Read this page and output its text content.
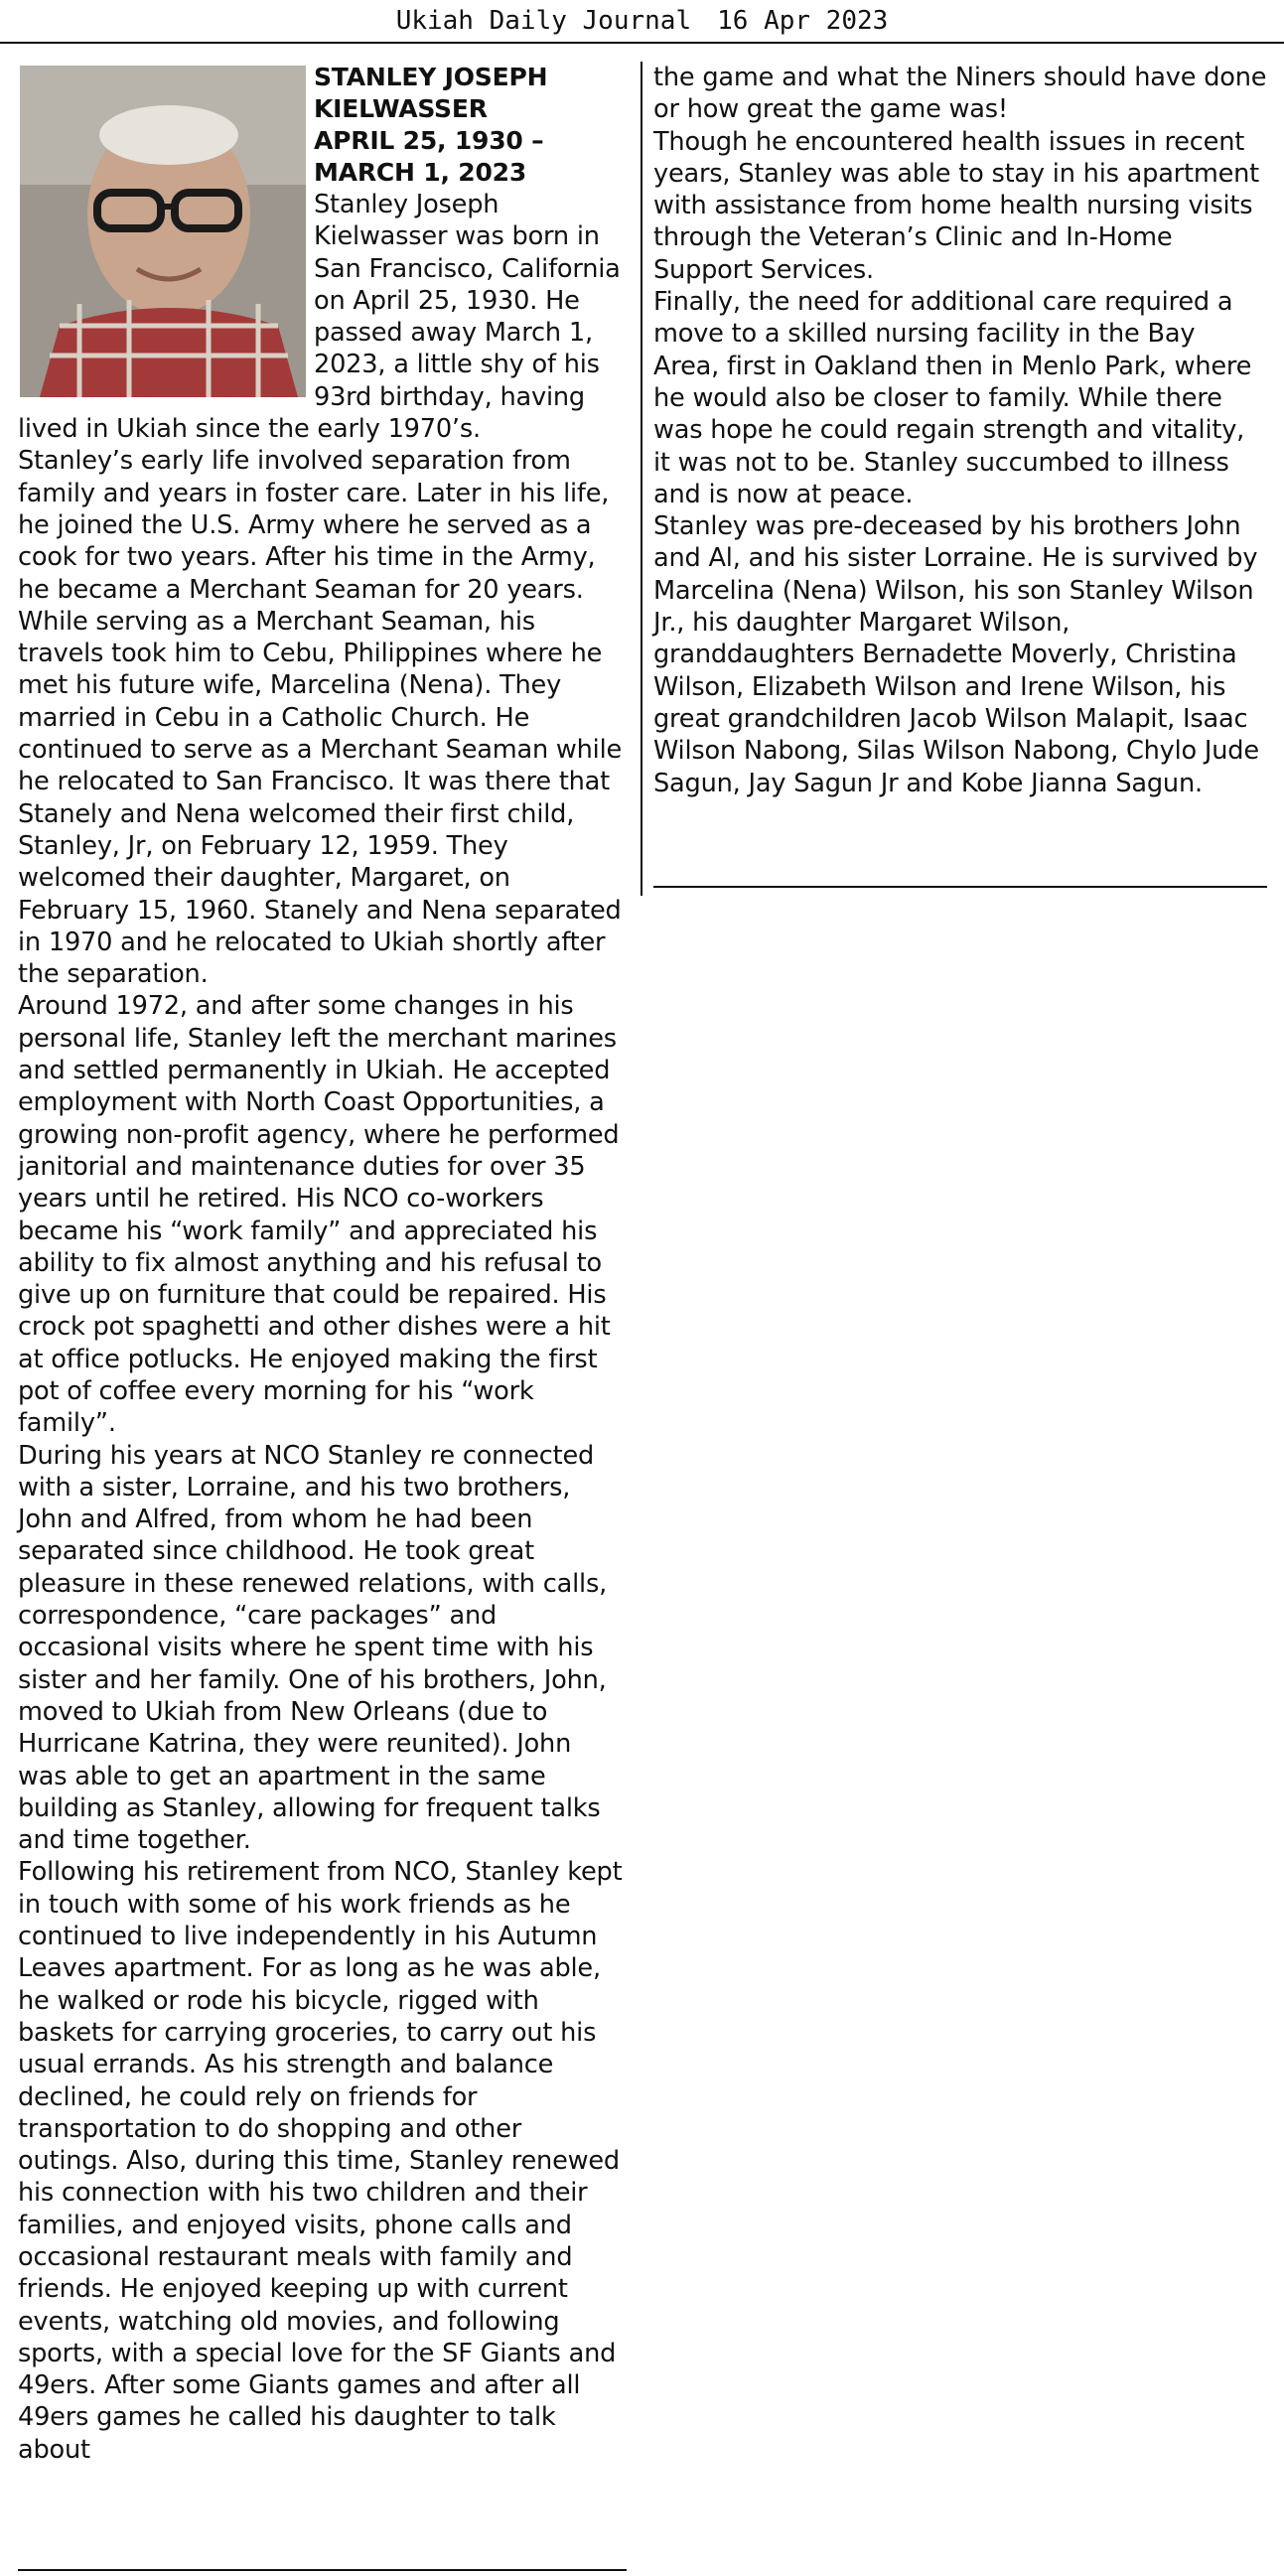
Ukiah Daily Journal 16 Apr 2023

STANLEY JOSEPH
KIELWASSER

APRIL 25, 1930 –
MARCH 1, 2023

Stanley Joseph Kielwasser was born in San Francisco, California on April 25, 1930. He passed away March 1, 2023, a little shy of his 93rd birthday, having lived in Ukiah since the early 1970’s.

Stanley’s early life involved separation from family and years in foster care. Later in his life, he joined the U.S. Army where he served as a cook for two years. After his time in the Army, he became a Merchant Seaman for 20 years. While serving as a Merchant Seaman, his travels took him to Cebu, Philippines where he met his future wife, Marcelina (Nena). They married in Cebu in a Catholic Church. He continued to serve as a Merchant Seaman while he relocated to San Francisco. It was there that Stanely and Nena welcomed their first child, Stanley, Jr, on February 12, 1959. They welcomed their daughter, Margaret, on February 15, 1960. Stanely and Nena separated in 1970 and he relocated to Ukiah shortly after the separation.

Around 1972, and after some changes in his personal life, Stanley left the merchant marines and settled permanently in Ukiah. He accepted employment with North Coast Opportunities, a growing non-profit agency, where he performed janitorial and maintenance duties for over 35 years until he retired. His NCO co-workers became his “work family” and appreciated his ability to fix almost anything and his refusal to give up on furniture that could be repaired. His crock pot spaghetti and other dishes were a hit at office potlucks. He enjoyed making the first pot of coffee every morning for his “work family”.

During his years at NCO Stanley re connected with a sister, Lorraine, and his two brothers, John and Alfred, from whom he had been separated since childhood. He took great pleasure in these renewed relations, with calls, correspondence, “care packages” and occasional visits where he spent time with his sister and her family. One of his brothers, John, moved to Ukiah from New Orleans (due to Hurricane Katrina, they were reunited). John was able to get an apartment in the same building as Stanley, allowing for frequent talks and time together.

Following his retirement from NCO, Stanley kept in touch with some of his work friends as he continued to live independently in his Autumn Leaves apartment. For as long as he was able, he walked or rode his bicycle, rigged with baskets for carrying groceries, to carry out his usual errands. As his strength and balance declined, he could rely on friends for transportation to do shopping and other outings. Also, during this time, Stanley renewed his connection with his two children and their families, and enjoyed visits, phone calls and occasional restaurant meals with family and friends. He enjoyed keeping up with current events, watching old movies, and following sports, with a special love for the SF Giants and 49ers. After some Giants games and after all 49ers games he called his daughter to talk about

the game and what the Niners should have done or how great the game was!

Though he encountered health issues in recent years, Stanley was able to stay in his apartment with assistance from home health nursing visits through the Veteran’s Clinic and In-Home Support Services.

Finally, the need for additional care required a move to a skilled nursing facility in the Bay Area, first in Oakland then in Menlo Park, where he would also be closer to family. While there was hope he could regain strength and vitality, it was not to be. Stanley succumbed to illness and is now at peace.

Stanley was pre-deceased by his brothers John and Al, and his sister Lorraine. He is survived by Marcelina (Nena) Wilson, his son Stanley Wilson Jr., his daughter Margaret Wilson, granddaughters Bernadette Moverly, Christina Wilson, Elizabeth Wilson and Irene Wilson, his great grandchildren Jacob Wilson Malapit, Isaac Wilson Nabong, Silas Wilson Nabong, Chylo Jude Sagun, Jay Sagun Jr and Kobe Jianna Sagun.
